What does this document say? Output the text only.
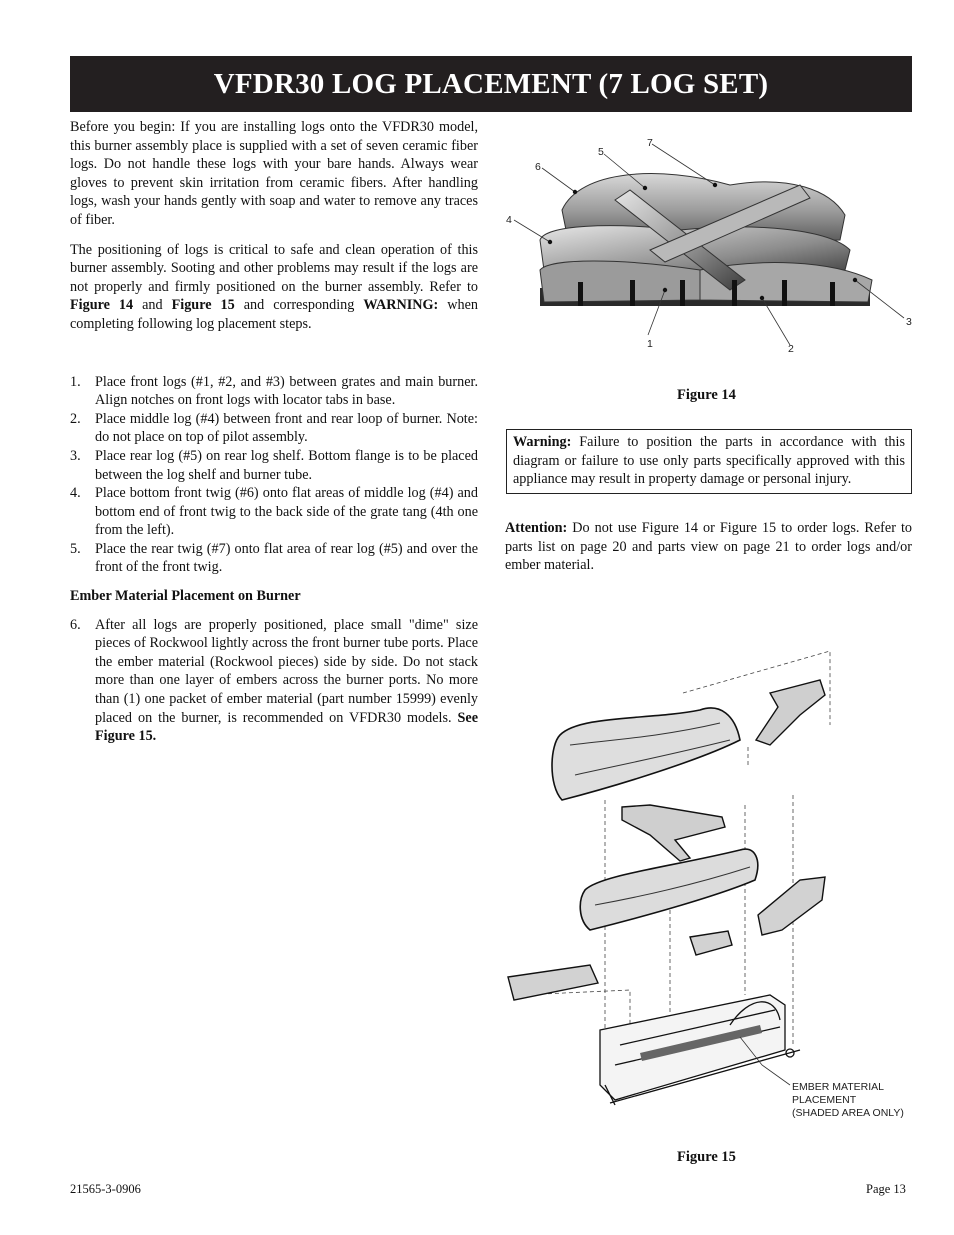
VFDR30 LOG PLACEMENT (7 LOG SET)

Before you begin: If you are installing logs onto the VFDR30 model, this burner assembly place is supplied with a set of seven ceramic fiber logs. Do not handle these logs with your bare hands. Always wear gloves to prevent skin irritation from ceramic fibers. After handling logs, wash your hands gently with soap and water to remove any traces of fiber.

The positioning of logs is critical to safe and clean operation of this burner assembly. Sooting and other problems may result if the logs are not properly and firmly positioned on the burner assembly. Refer to Figure 14 and Figure 15 and corresponding WARNING: when completing following log placement steps.

1. Place front logs (#1, #2, and #3) between grates and main burner. Align notches on front logs with locator tabs in base.
2. Place middle log (#4) between front and rear loop of burner. Note: do not place on top of pilot assembly.
3. Place rear log (#5) on rear log shelf. Bottom flange is to be placed between the log shelf and burner tube.
4. Place bottom front twig (#6) onto flat areas of middle log (#4) and bottom end of front twig to the back side of the grate tang (4th one from the left).
5. Place the rear twig (#7) onto flat area of rear log (#5) and over the front of the front twig.

Ember Material Placement on Burner

6. After all logs are properly positioned, place small "dime" size pieces of Rockwool lightly across the front burner tube ports. Place the ember material (Rockwool pieces) side by side. Do not stack more than one layer of embers across the burner ports. No more than (1) one packet of ember material (part number 15999) evenly placed on the burner, is recommended on VFDR30 models. See Figure 15.
1	2
3
4
5
6
7
Figure 14
Warning: Failure to position the parts in accordance with this diagram or failure to use only parts specifically approved with this appliance may result in property damage or personal injury.
Attention: Do not use Figure 14 or Figure 15 to order logs. Refer to parts list on page 20 and parts view on page 21 to order logs and/or ember material.
EMBER MATERIAL
PLACEMENT
(SHADED AREA ONLY)
Figure 15
21565-3-0906	Page 13
